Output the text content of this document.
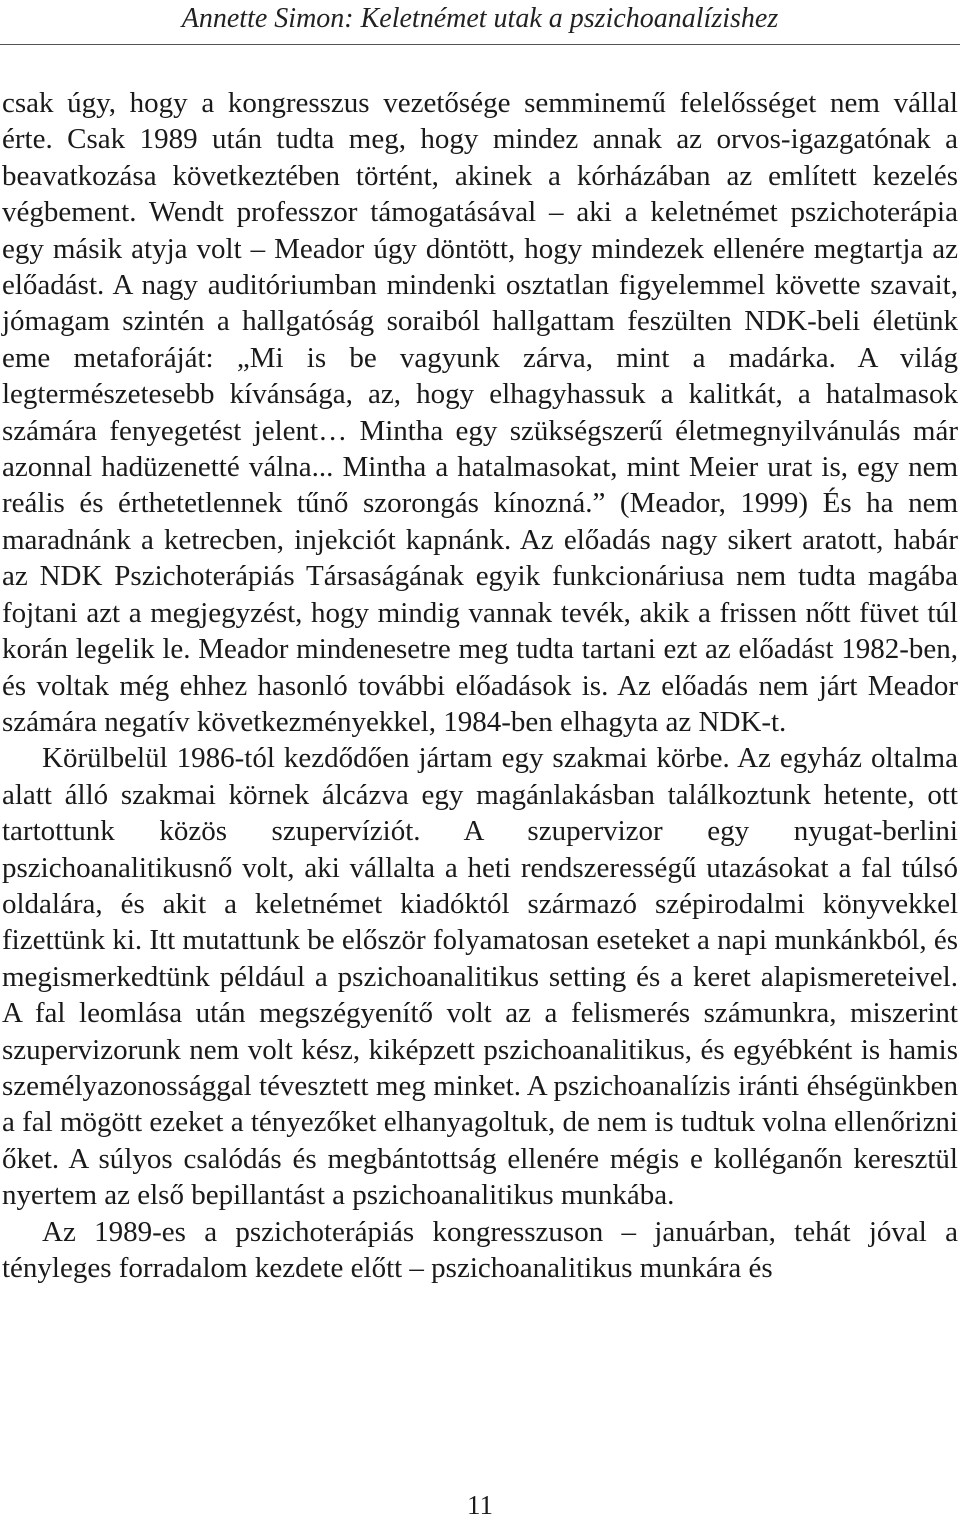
Annette Simon: Keletnémet utak a pszichoanalízishez

csak úgy, hogy a kongresszus vezetősége semminemű felelősséget nem vállal érte. Csak 1989 után tudta meg, hogy mindez annak az orvos-igazgatónak a beavatkozása következtében történt, akinek a kórházában az említett kezelés végbement. Wendt professzor támogatásával – aki a keletnémet pszichoterápia egy másik atyja volt – Meador úgy döntött, hogy mindezek ellenére megtartja az előadást. A nagy auditóriumban mindenki osztatlan figyelemmel követte szavait, jómagam szintén a hallgatóság soraiból hallgattam feszülten NDK-beli életünk eme metaforáját: „Mi is be vagyunk zárva, mint a madárka. A világ legtermészetesebb kívánsága, az, hogy elhagyhassuk a kalitkát, a hatalmasok számára fenyegetést jelent… Mintha egy szükségszerű életmegnyilvánulás már azonnal hadüzenetté válna... Mintha a hatalmasokat, mint Meier urat is, egy nem reális és érthetetlennek tűnő szorongás kínozná.” (Meador, 1999) És ha nem maradnánk a ketrecben, injekciót kapnánk. Az előadás nagy sikert aratott, habár az NDK Pszichoterápiás Társaságának egyik funkcionáriusa nem tudta magába fojtani azt a megjegyzést, hogy mindig vannak tevék, akik a frissen nőtt füvet túl korán legelik le. Meador mindenesetre meg tudta tartani ezt az előadást 1982-ben, és voltak még ehhez hasonló további előadások is. Az előadás nem járt Meador számára negatív következményekkel, 1984-ben elhagyta az NDK-t.

Körülbelül 1986-tól kezdődően jártam egy szakmai körbe. Az egyház oltalma alatt álló szakmai körnek álcázva egy magánlakásban találkoztunk hetente, ott tartottunk közös szupervíziót. A szupervizor egy nyugat-berlini pszichoanalitikusnő volt, aki vállalta a heti rendszerességű utazásokat a fal túlsó oldalára, és akit a keletnémet kiadóktól származó szépirodalmi könyvekkel fizettünk ki. Itt mutattunk be először folyamatosan eseteket a napi munkánkból, és megismerkedtünk például a pszichoanalitikus setting és a keret alapismereteivel. A fal leomlása után megszégyenítő volt az a felismerés számunkra, miszerint szupervizorunk nem volt kész, kiképzett pszichoanalitikus, és egyébként is hamis személyazonossággal tévesztett meg minket. A pszichoanalízis iránti éhségünkben a fal mögött ezeket a tényezőket elhanyagoltuk, de nem is tudtuk volna ellenőrizni őket. A súlyos csalódás és megbántottság ellenére mégis e kolléganőn keresztül nyertem az első bepillantást a pszichoanalitikus munkába.

Az 1989-es a pszichoterápiás kongresszuson – januárban, tehát jóval a tényleges forradalom kezdete előtt – pszichoanalitikus munkára és

11
